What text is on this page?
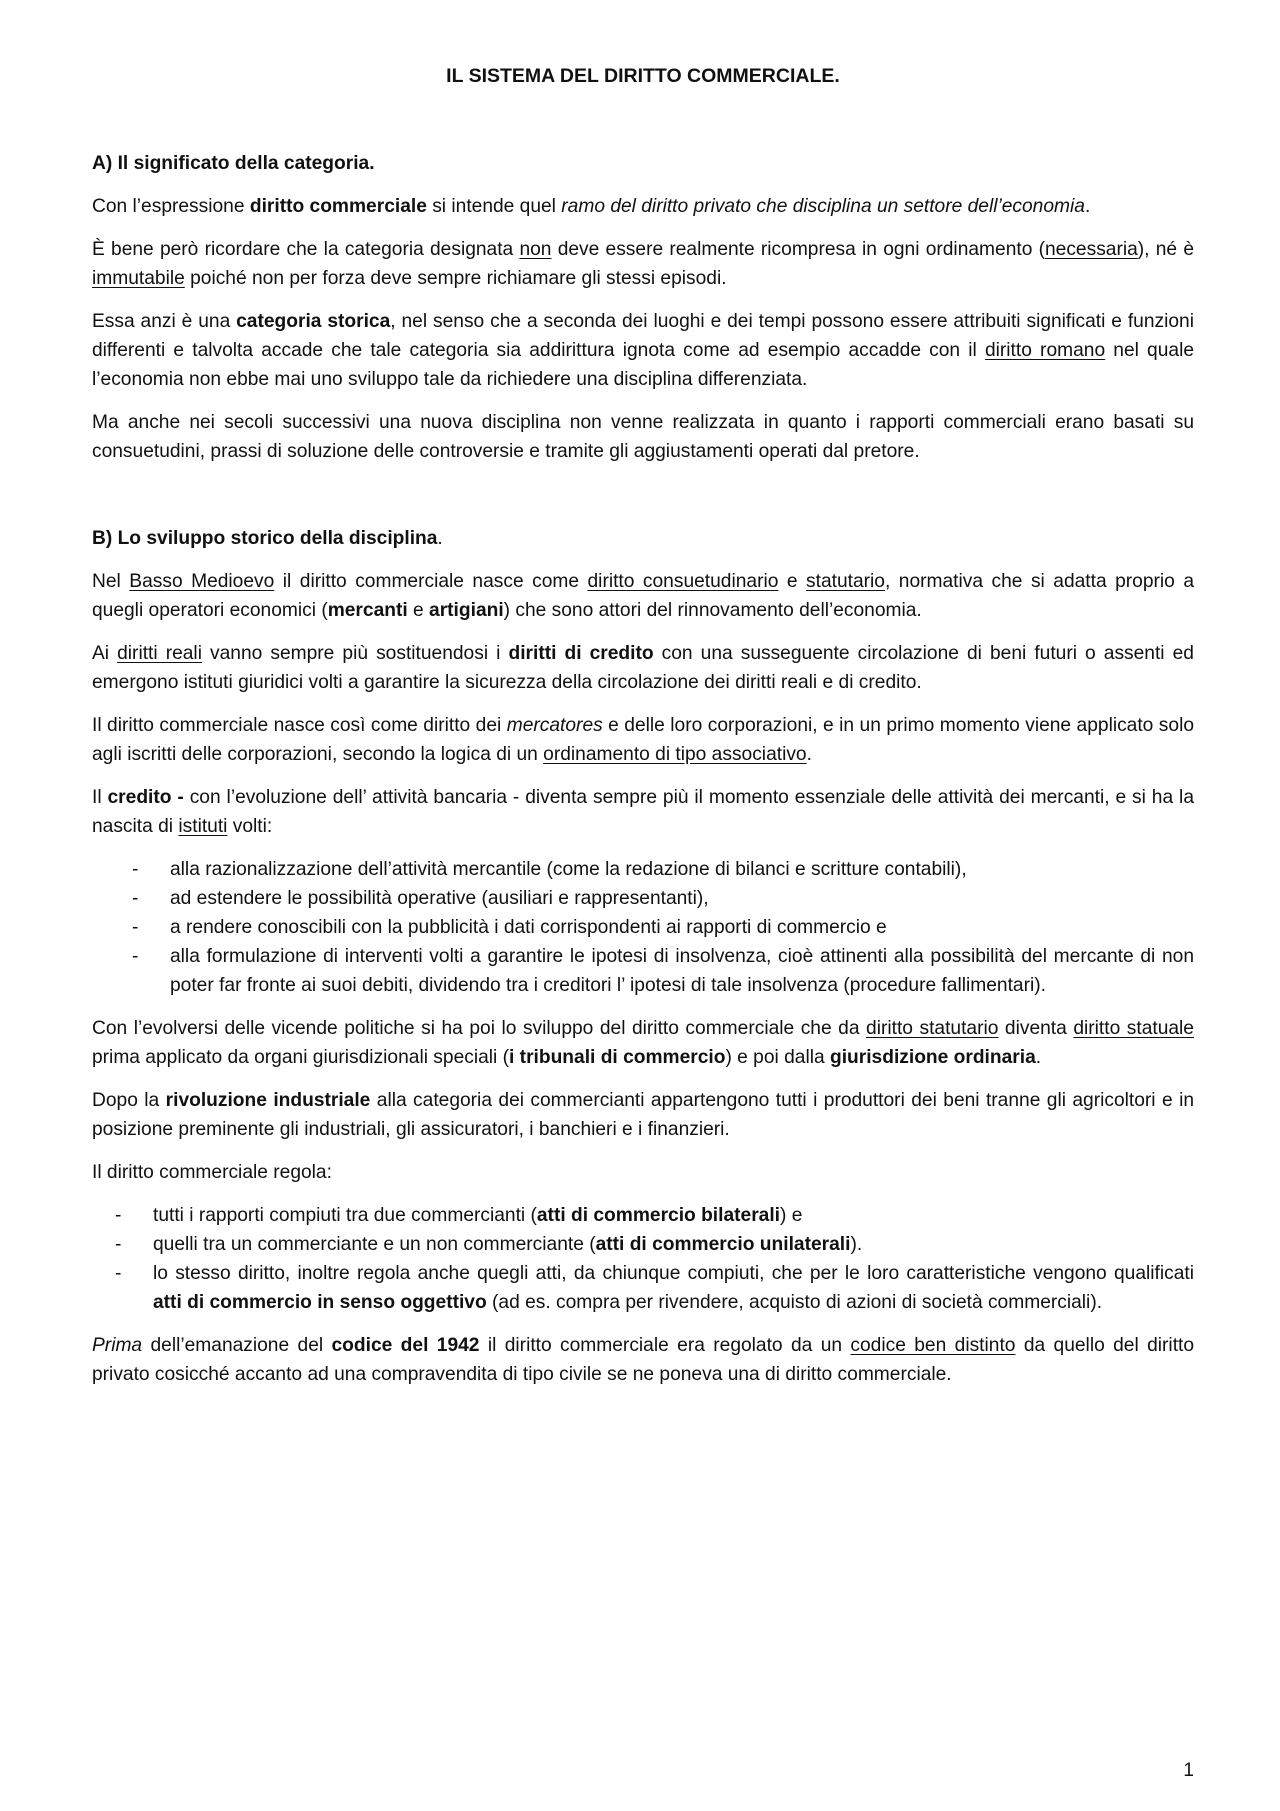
IL SISTEMA DEL DIRITTO COMMERCIALE.
A) Il significato della categoria.

Con l’espressione diritto commerciale si intende quel ramo del diritto privato che disciplina un settore dell’economia.

È bene però ricordare che la categoria designata non deve essere realmente ricompresa in ogni ordinamento (necessaria), né è immutabile poiché non per forza deve sempre richiamare gli stessi episodi.

Essa anzi è una categoria storica, nel senso che a seconda dei luoghi e dei tempi possono essere attribuiti significati e funzioni differenti e talvolta accade che tale categoria sia addirittura ignota come ad esempio accadde con il diritto romano nel quale l’economia non ebbe mai uno sviluppo tale da richiedere una disciplina differenziata.

Ma anche nei secoli successivi una nuova disciplina non venne realizzata in quanto i rapporti commerciali erano basati su consuetudini, prassi di soluzione delle controversie e tramite gli aggiustamenti operati dal pretore.

B) Lo sviluppo storico della disciplina.

Nel Basso Medioevo il diritto commerciale nasce come diritto consuetudinario e statutario, normativa che si adatta proprio a quegli operatori economici (mercanti e artigiani) che sono attori del rinnovamento dell’economia.

Ai diritti reali vanno sempre più sostituendosi i diritti di credito con una susseguente circolazione di beni futuri o assenti ed emergono istituti giuridici volti a garantire la sicurezza della circolazione dei diritti reali e di credito.

Il diritto commerciale nasce così come diritto dei mercatores e delle loro corporazioni, e in un primo momento viene applicato solo agli iscritti delle corporazioni, secondo la logica di un ordinamento di tipo associativo.

Il credito - con l’evoluzione dell’ attività bancaria - diventa sempre più il momento essenziale delle attività dei mercanti, e si ha la nascita di istituti volti:

- alla razionalizzazione dell’attività mercantile (come la redazione di bilanci e scritture contabili),
- ad estendere le possibilità operative (ausiliari e rappresentanti),
- a rendere conoscibili con la pubblicità i dati corrispondenti ai rapporti di commercio e
- alla formulazione di interventi volti a garantire le ipotesi di insolvenza, cioè attinenti alla possibilità del mercante di non poter far fronte ai suoi debiti, dividendo tra i creditori l’ ipotesi di tale insolvenza (procedure fallimentari).

Con l’evolversi delle vicende politiche si ha poi lo sviluppo del diritto commerciale che da diritto statutario diventa diritto statuale prima applicato da organi giurisdizionali speciali (i tribunali di commercio) e poi dalla giurisdizione ordinaria.

Dopo la rivoluzione industriale alla categoria dei commercianti appartengono tutti i produttori dei beni tranne gli agricoltori e in posizione preminente gli industriali, gli assicuratori, i banchieri e i finanzieri.

Il diritto commerciale regola:

- tutti i rapporti compiuti tra due commercianti (atti di commercio bilaterali) e
- quelli tra un commerciante e un non commerciante (atti di commercio unilaterali).
- lo stesso diritto, inoltre regola anche quegli atti, da chiunque compiuti, che per le loro caratteristiche vengono qualificati atti di commercio in senso oggettivo (ad es. compra per rivendere, acquisto di azioni di società commerciali).

Prima dell’emanazione del codice del 1942 il diritto commerciale era regolato da un codice ben distinto da quello del diritto privato cosicché accanto ad una compravendita di tipo civile se ne poneva una di diritto commerciale.

1
